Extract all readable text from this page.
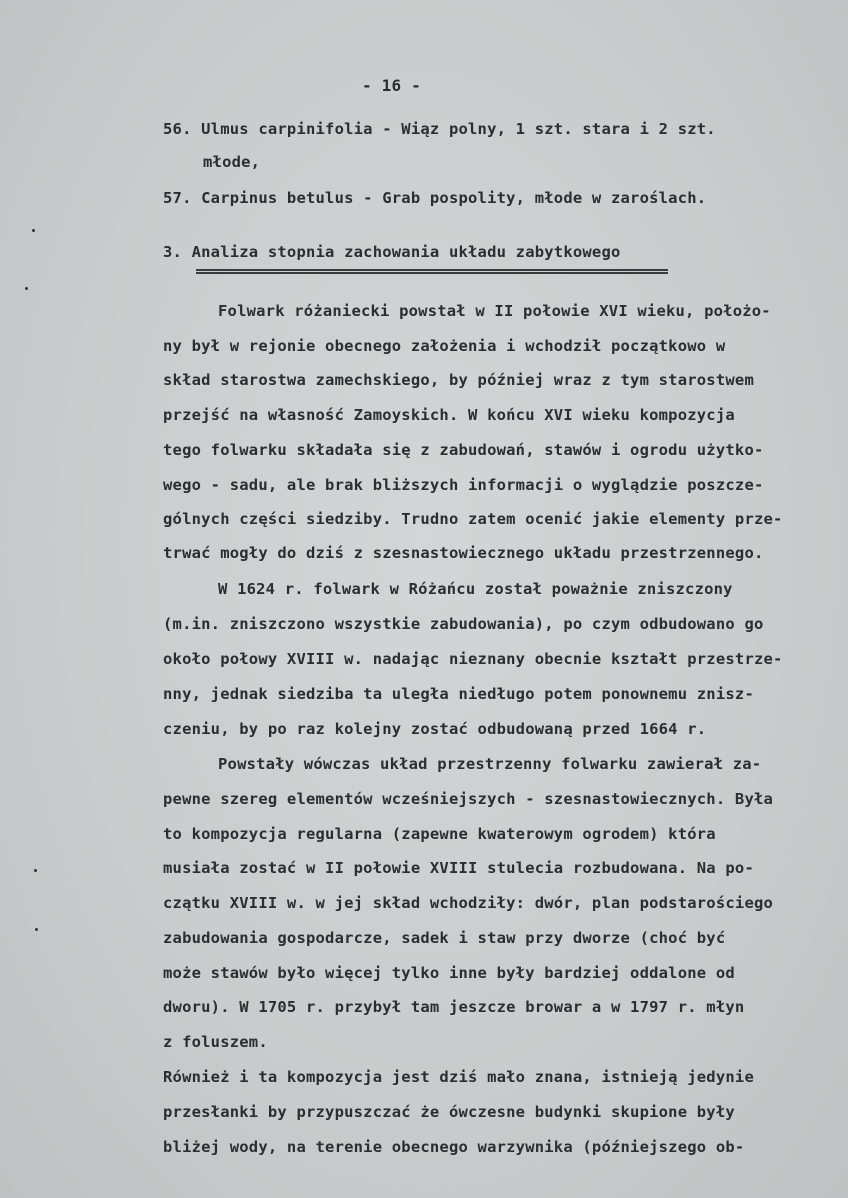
- 16 -
56. Ulmus carpinifolia - Wiąz polny, 1 szt. stara i 2 szt.
młode,
57. Carpinus betulus - Grab pospolity, młode w zaroślach.
3. Analiza stopnia zachowania układu zabytkowego
Folwark różaniecki powstał w II połowie XVI wieku, położo-
ny był w rejonie obecnego założenia i wchodził początkowo w
skład starostwa zamechskiego, by później wraz z tym starostwem
przejść na własność Zamoyskich. W końcu XVI wieku kompozycja
tego folwarku składała się z zabudowań, stawów i ogrodu użytko-
wego - sadu, ale brak bliższych informacji o wyglądzie poszcze-
gólnych części siedziby. Trudno zatem ocenić jakie elementy prze-
trwać mogły do dziś z szesnastowiecznego układu przestrzennego.
W 1624 r. folwark w Różańcu został poważnie zniszczony
(m.in. zniszczono wszystkie zabudowania), po czym odbudowano go
około połowy XVIII w. nadając nieznany obecnie kształt przestrze-
nny, jednak siedziba ta uległa niedługo potem ponownemu znisz-
czeniu, by po raz kolejny zostać odbudowaną przed 1664 r.
Powstały wówczas układ przestrzenny folwarku zawierał za-
pewne szereg elementów wcześniejszych - szesnastowiecznych. Była
to kompozycja regularna (zapewne kwaterowym ogrodem) która
musiała zostać w II połowie XVIII stulecia rozbudowana. Na po-
czątku XVIII w. w jej skład wchodziły: dwór, plan podstarościego
zabudowania gospodarcze, sadek i staw przy dworze (choć być
może stawów było więcej tylko inne były bardziej oddalone od
dworu). W 1705 r. przybył tam jeszcze browar a w 1797 r. młyn
z foluszem.
Również i ta kompozycja jest dziś mało znana, istnieją jedynie
przesłanki by przypuszczać że ówczesne budynki skupione były
bliżej wody, na terenie obecnego warzywnika (późniejszego ob-
